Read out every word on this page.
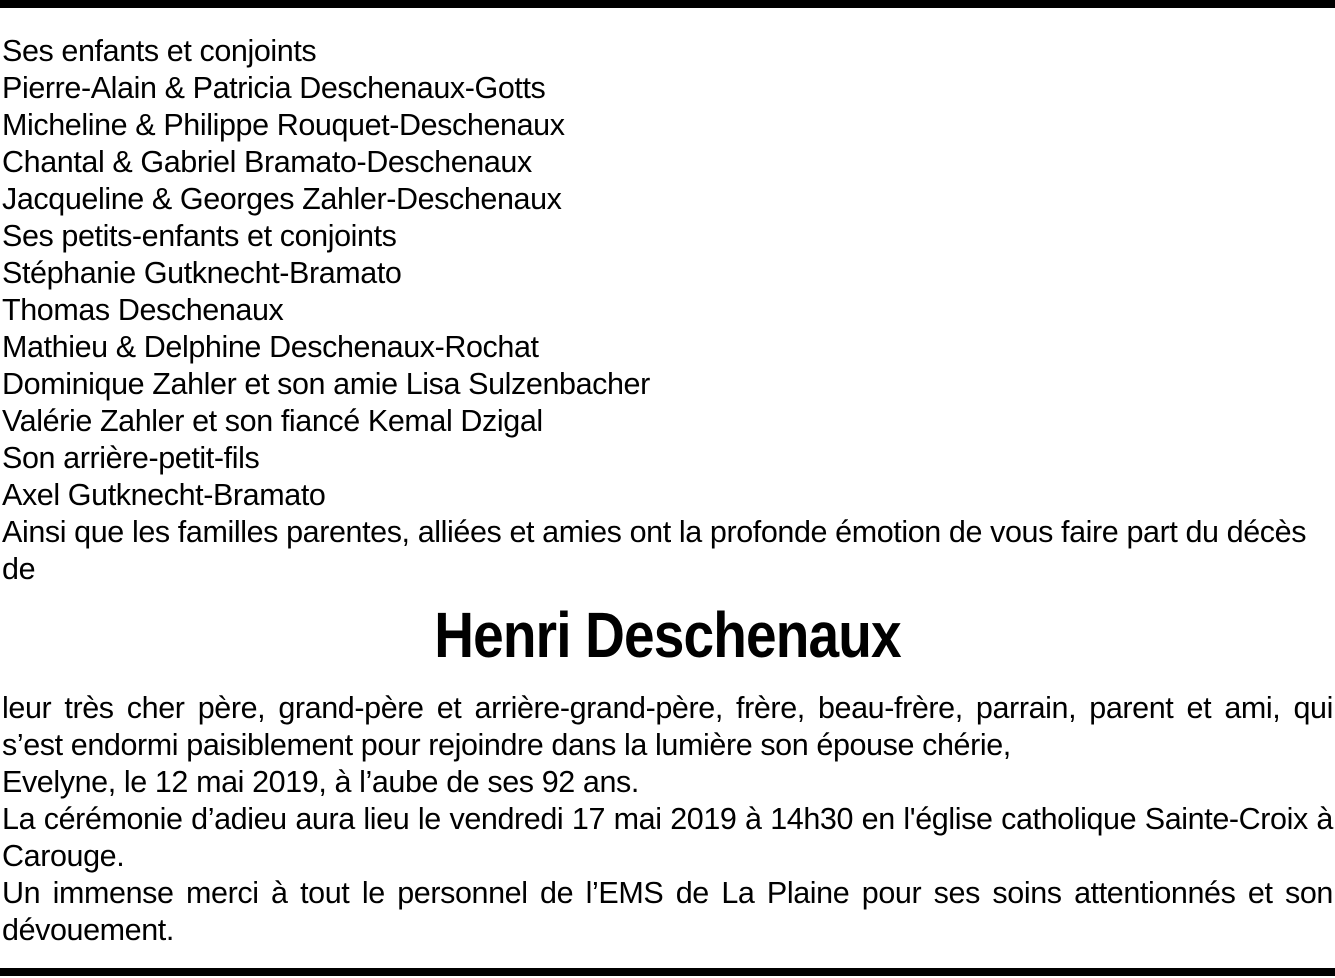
Ses enfants et conjoints
Pierre-Alain & Patricia Deschenaux-Gotts
Micheline & Philippe Rouquet-Deschenaux
Chantal & Gabriel Bramato-Deschenaux
Jacqueline & Georges Zahler-Deschenaux
Ses petits-enfants et conjoints
Stéphanie Gutknecht-Bramato
Thomas Deschenaux
Mathieu & Delphine Deschenaux-Rochat
Dominique Zahler et son amie Lisa Sulzenbacher
Valérie Zahler et son fiancé Kemal Dzigal
Son arrière-petit-fils
Axel Gutknecht-Bramato
Ainsi que les familles parentes, alliées et amies ont la profonde émotion de vous faire part du décès de
Henri Deschenaux

leur très cher père, grand-père et arrière-grand-père, frère, beau-frère, parrain, parent et ami, qui s’est endormi paisiblement pour rejoindre dans la lumière son épouse chérie,

Evelyne, le 12 mai 2019, à l’aube de ses 92 ans.

La cérémonie d’adieu aura lieu le vendredi 17 mai 2019 à 14h30 en l'église catholique Sainte-Croix à Carouge.

Un immense merci à tout le personnel de l’EMS de La Plaine pour ses soins attentionnés et son dévouement.
